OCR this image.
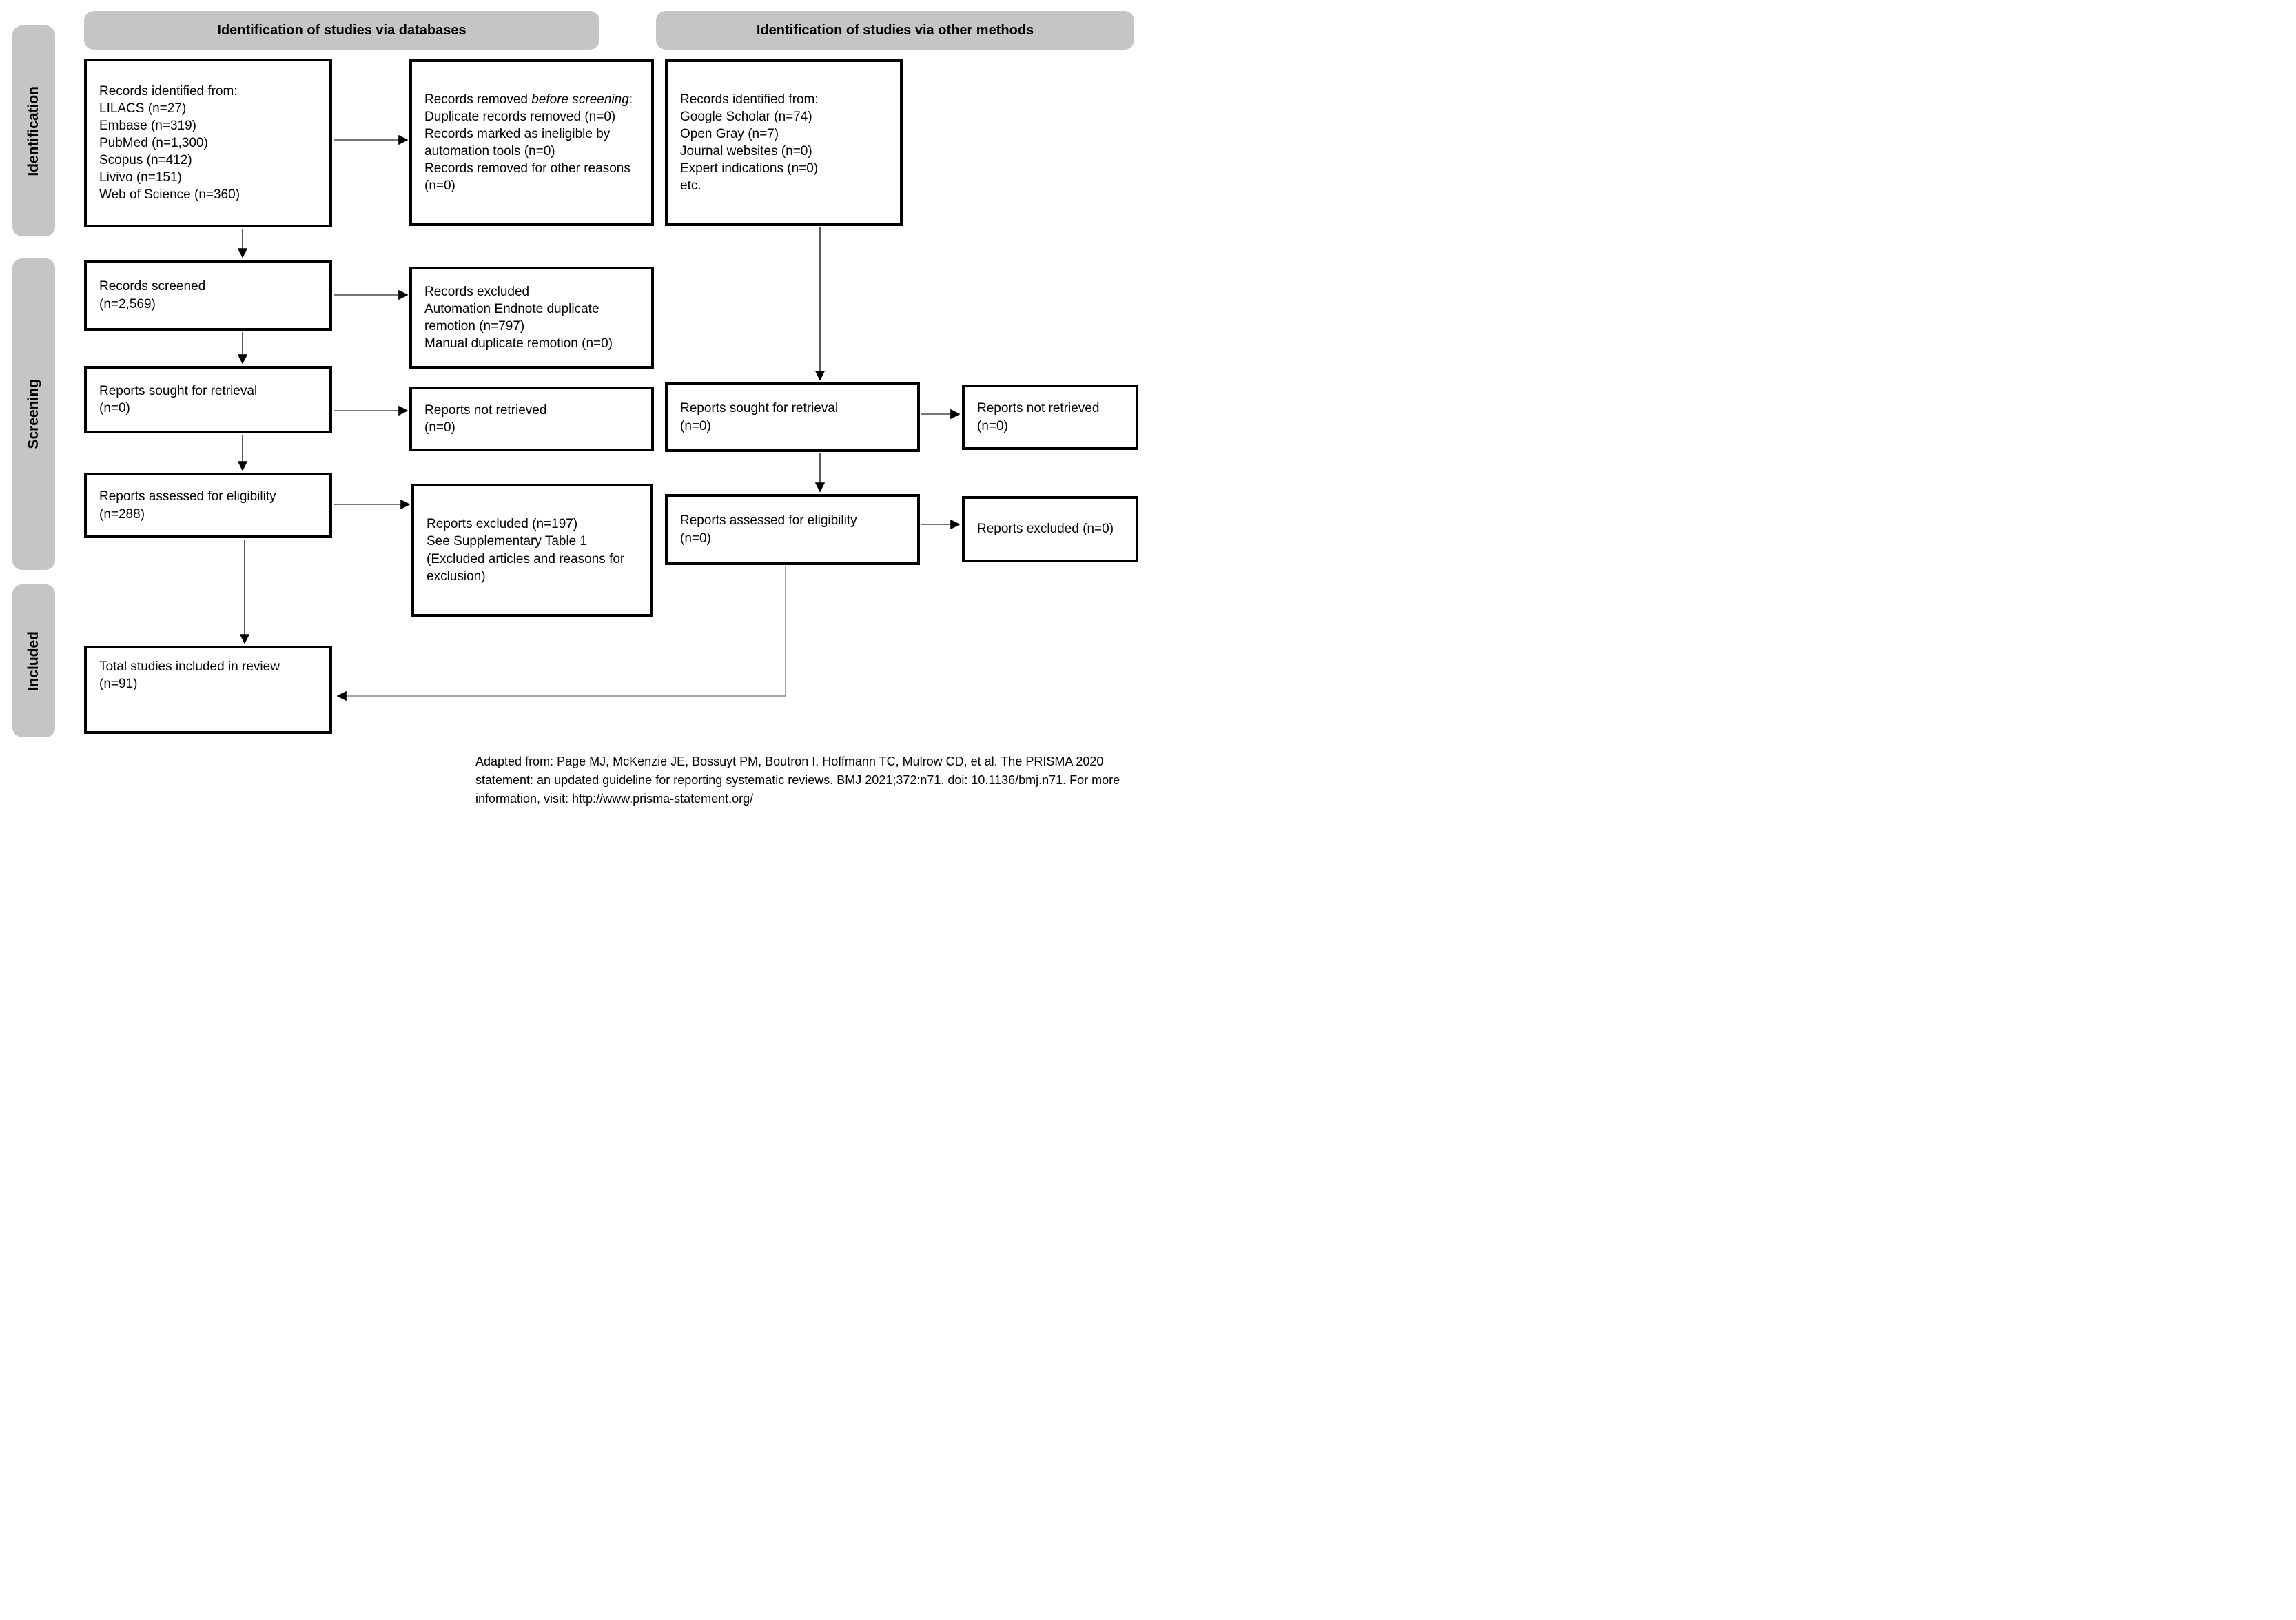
Identification of studies via databases	Identification of studies via other methods
Identification
Screening
Included
Records identified from:
LILACS (n=27)
Embase (n=319)
PubMed (n=1,300)
Scopus (n=412)
Livivo (n=151)
Web of Science (n=360)
Records removed before screening:
Duplicate records removed (n=0)
Records marked as ineligible by automation tools (n=0)
Records removed for other reasons (n=0)
Records identified from:
Google Scholar (n=74)
Open Gray (n=7)
Journal websites (n=0)
Expert indications (n=0)
etc.
Records screened
(n=2,569)
Records excluded
Automation Endnote duplicate remotion (n=797)
Manual duplicate remotion (n=0)
Reports sought for retrieval
(n=0)	Reports not retrieved
(n=0)
Reports sought for retrieval
(n=0)
Reports not retrieved
(n=0)
Reports assessed for eligibility
(n=288)
Reports excluded (n=197)
See Supplementary Table 1 (Excluded articles and reasons for exclusion)
Reports assessed for eligibility
(n=0)
Reports excluded (n=0)
Total studies included in review
(n=91)
Adapted from: Page MJ, McKenzie JE, Bossuyt PM, Boutron I, Hoffmann TC, Mulrow CD, et al. The PRISMA 2020 statement: an updated guideline for reporting systematic reviews. BMJ 2021;372:n71. doi: 10.1136/bmj.n71. For more information, visit: http://www.prisma-statement.org/
